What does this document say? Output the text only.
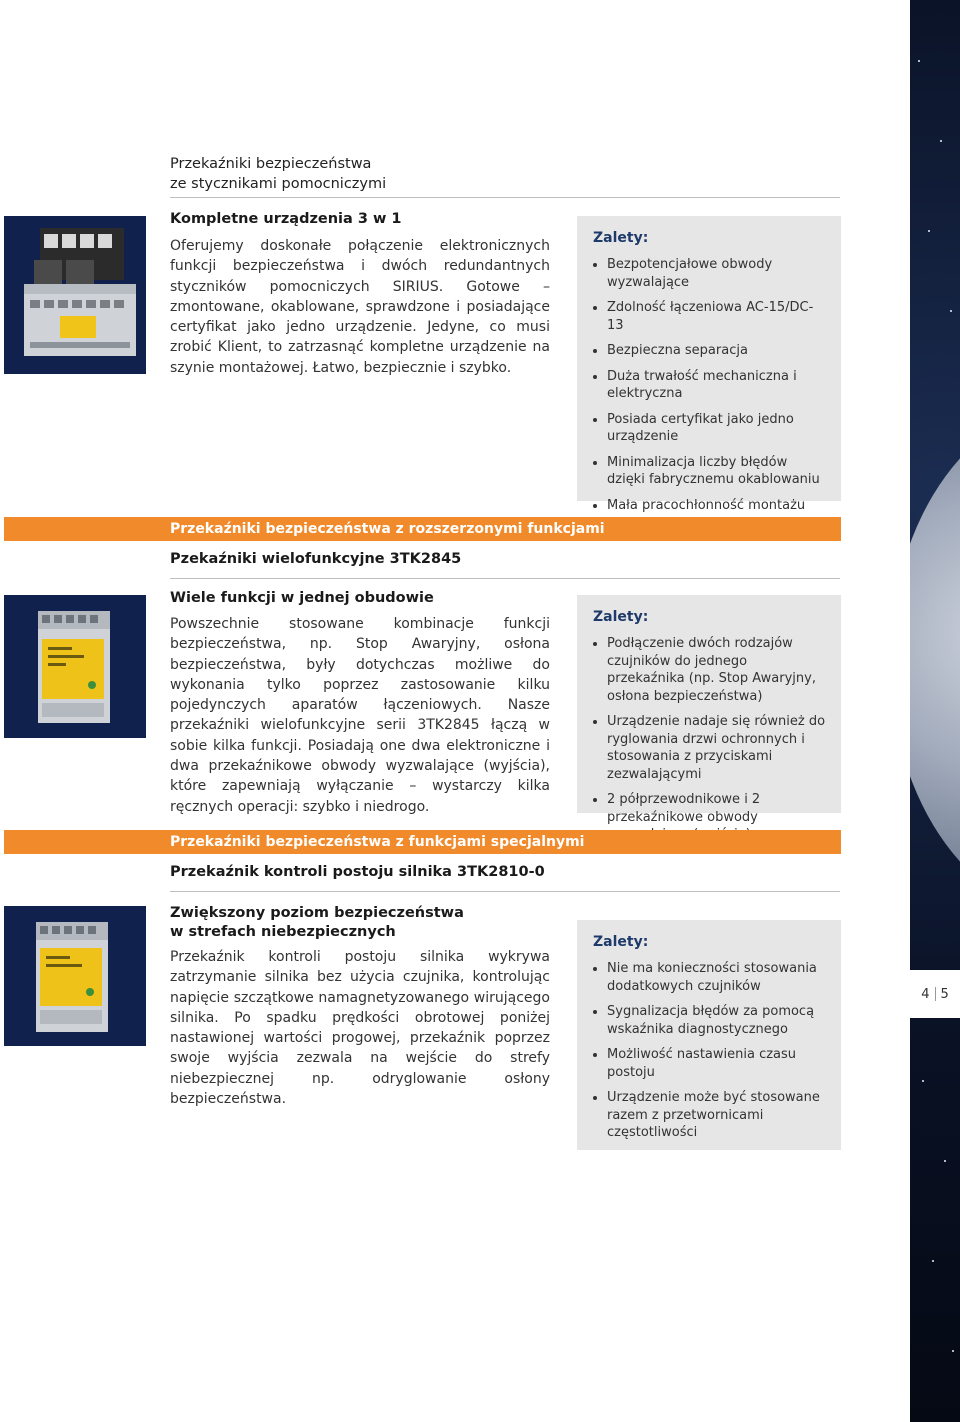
4 5
Przekaźniki bezpieczeństwa
ze stycznikami pomocniczymi
Kompletne urządzenia 3 w 1
Oferujemy doskonałe połączenie elektronicznych funkcji bezpieczeństwa i dwóch redundantnych styczników pomocniczych SIRIUS. Gotowe – zmontowane, okablowane, sprawdzone i posiadające certyfikat jako jedno urządzenie. Jedyne, co musi zrobić Klient, to zatrzasnąć kompletne urządzenie na szynie montażowej. Łatwo, bezpiecznie i szybko.
Zalety:
Bezpotencjałowe obwody wyzwalające
Zdolność łączeniowa AC-15/DC-13
Bezpieczna separacja
Duża trwałość mechaniczna i elektryczna
Posiada certyfikat jako jedno urządzenie
Minimalizacja liczby błędów dzięki fabrycznemu okablowaniu
Mała pracochłonność montażu
Przekaźniki bezpieczeństwa z rozszerzonymi funkcjami
Pzekaźniki wielofunkcyjne 3TK2845
Wiele funkcji w jednej obudowie
Powszechnie stosowane kombinacje funkcji bezpieczeństwa, np. Stop Awaryjny, osłona bezpieczeństwa, były dotychczas możliwe do wykonania tylko poprzez zastosowanie kilku pojedynczych aparatów łączeniowych. Nasze przekaźniki wielofunkcyjne serii 3TK2845 łączą w sobie kilka funkcji. Posiadają one dwa elektroniczne i dwa przekaźnikowe obwody wyzwalające (wyjścia), które zapewniają wyłączanie – wystarczy kilka ręcznych operacji: szybko i niedrogo.
Zalety:
Podłączenie dwóch rodzajów czujników do jednego przekaźnika (np. Stop Awaryjny, osłona bezpieczeństwa)
Urządzenie nadaje się również do ryglowania drzwi ochronnych i stosowania z przyciskami zezwalającymi
2 półprzewodnikowe i 2 przekaźnikowe obwody
Przekaźniki bezpieczeństwa z funkcjami specjalnymi
Przekaźnik kontroli postoju silnika 3TK2810-0
Zwiększony poziom bezpieczeństwa
w strefach niebezpiecznych
Przekaźnik kontroli postoju silnika wykrywa zatrzymanie silnika bez użycia czujnika, kontrolując napięcie szczątkowe namagnetyzowanego wirującego silnika. Po spadku prędkości obrotowej poniżej nastawionej wartości progowej, przekaźnik poprzez swoje wyjścia zezwala na wejście do strefy niebezpiecznej np. odryglowanie osłony bezpieczeństwa.
Zalety:
Nie ma konieczności stosowania dodatkowych czujników
Sygnalizacja błędów za pomocą wskaźnika diagnostycznego
Możliwość nastawienia czasu postoju
Urządzenie może być stosowane razem z przetwornicami częstotliwości
